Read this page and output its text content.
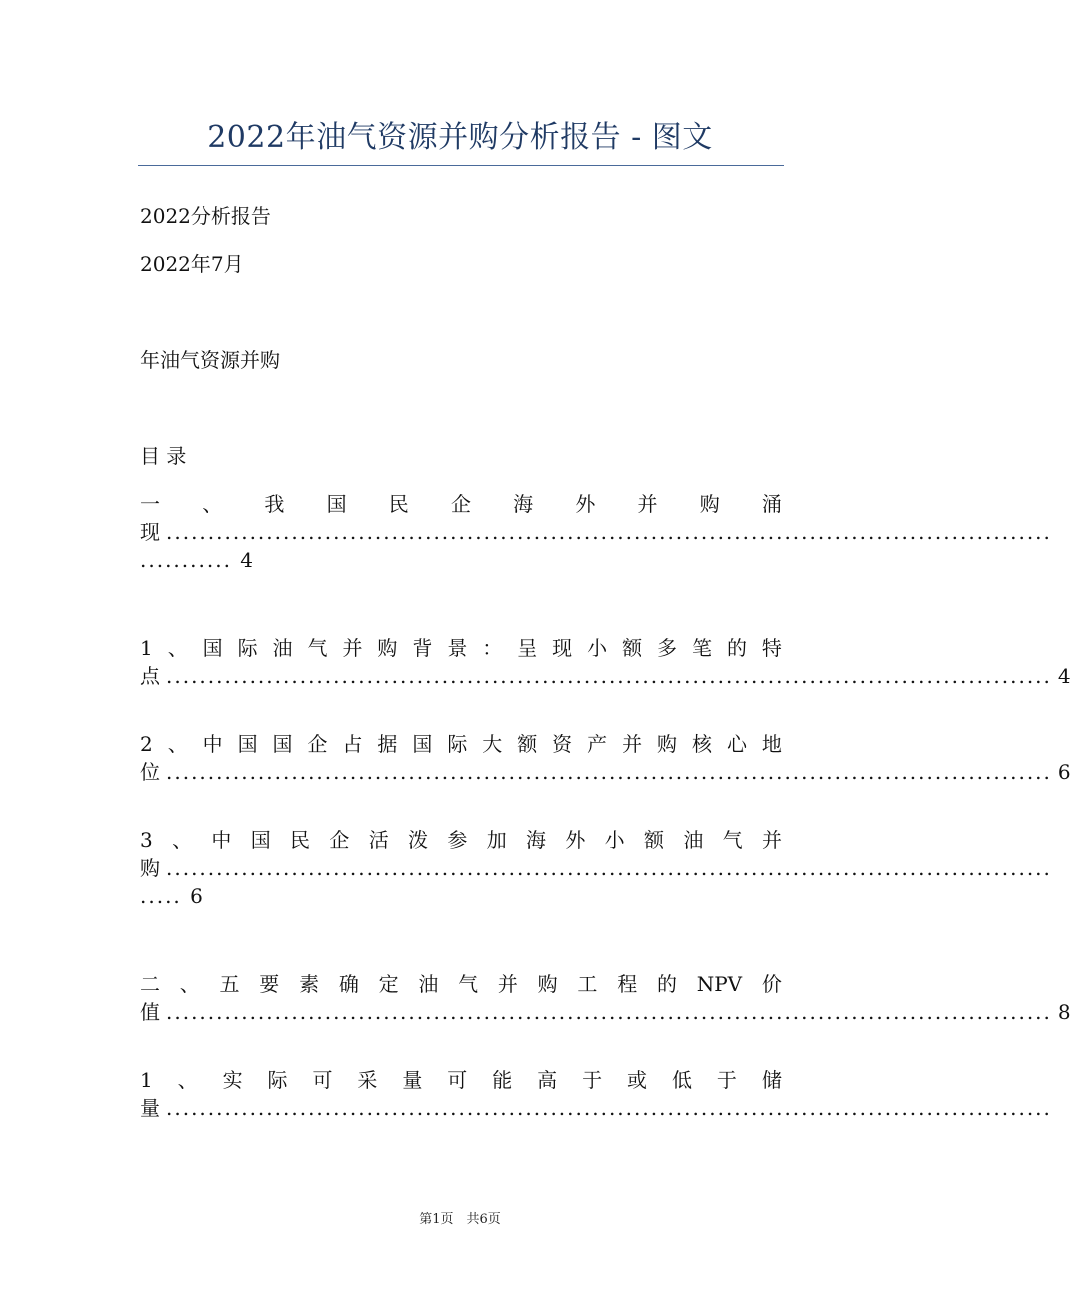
2022年油气资源并购分析报告 - 图文
2022分析报告
2022年7月
年油气资源并购
目 录
一 、 我 国 民 企 海 外 并 购 涌
现 ..........................................................................................................
........... 4
1 、 国 际 油 气 并 购 背 景 ： 呈 现 小 额 多 笔 的 特
点 .......................................................................................................... 4
2 、 中 国 国 企 占 据 国 际 大 额 资 产 并 购 核 心 地
位 .......................................................................................................... 6
3 、 中 国 民 企 活 泼 参 加 海 外 小 额 油 气 并
购 ..........................................................................................................
..... 6
二 、 五 要 素 确 定 油 气 并 购 工 程 的 NPV 价
值 .......................................................................................................... 8
1 、 实 际 可 采 量 可 能 高 于 或 低 于 储
量 ..........................................................................................................
第1页　共6页
